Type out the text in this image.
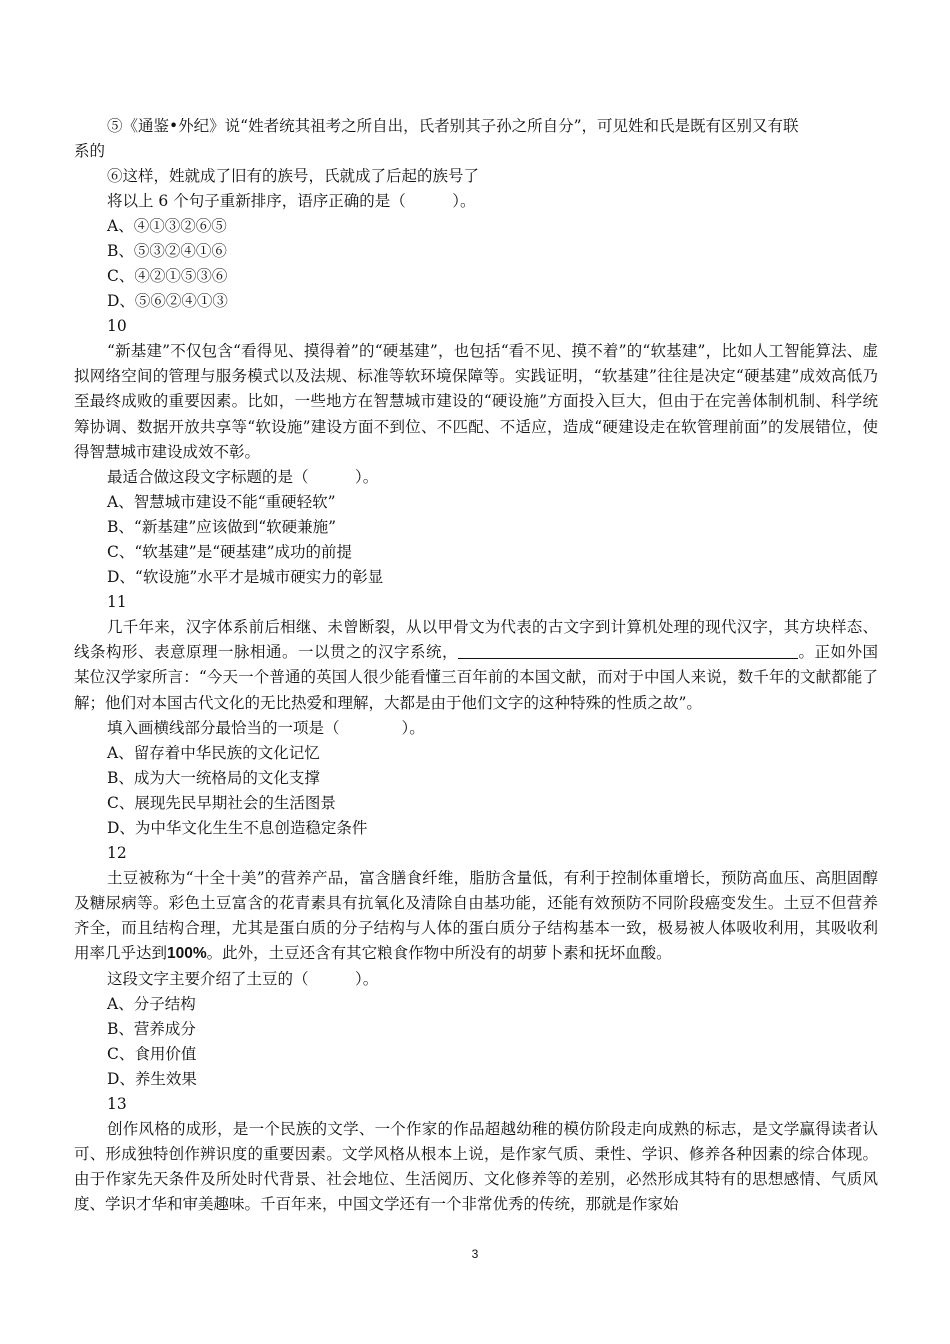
⑤《通鉴•外纪》说“姓者统其祖考之所自出，氏者别其子孙之所自分”，可见姓和氏是既有区别又有联
系的
⑥这样，姓就成了旧有的族号，氏就成了后起的族号了
将以上 6 个句子重新排序，语序正确的是（　　　）。
A、④①③②⑥⑤
B、⑤③②④①⑥
C、④②①⑤③⑥
D、⑤⑥②④①③
10

“新基建”不仅包含“看得见、摸得着”的“硬基建”，也包括“看不见、摸不着”的“软基建”，比如人工智能算法、虚拟网络空间的管理与服务模式以及法规、标准等软环境保障等。实践证明，“软基建”往往是决定“硬基建”成效高低乃至最终成败的重要因素。比如，一些地方在智慧城市建设的“硬设施”方面投入巨大，但由于在完善体制机制、科学统筹协调、数据开放共享等“软设施”建设方面不到位、不匹配、不适应，造成“硬建设走在软管理前面”的发展错位，使得智慧城市建设成效不彰。

最适合做这段文字标题的是（　　　）。
A、智慧城市建设不能“重硬轻软”
B、“新基建”应该做到“软硬兼施”
C、“软基建”是“硬基建”成功的前提
D、“软设施”水平才是城市硬实力的彰显
11

几千年来，汉字体系前后相继、未曾断裂，从以甲骨文为代表的古文字到计算机处理的现代汉字，其方块样态、线条构形、表意原理一脉相通。一以贯之的汉字系统，	。正如外国某位汉学家所言：“今天一个普通的英国人很少能看懂三百年前的本国文献，而对于中国人来说，数千年的文献都能了解；他们对本国古代文化的无比热爱和理解，大都是由于他们文字的这种特殊的性质之故”。

填入画横线部分最恰当的一项是（　　　　）。
A、留存着中华民族的文化记忆
B、成为大一统格局的文化支撑
C、展现先民早期社会的生活图景
D、为中华文化生生不息创造稳定条件
12

土豆被称为“十全十美”的营养产品，富含膳食纤维，脂肪含量低，有利于控制体重增长，预防高血压、高胆固醇及糖尿病等。彩色土豆富含的花青素具有抗氧化及清除自由基功能，还能有效预防不同阶段癌变发生。土豆不但营养齐全，而且结构合理，尤其是蛋白质的分子结构与人体的蛋白质分子结构基本一致，极易被人体吸收利用，其吸收利用率几乎达到100%。此外，土豆还含有其它粮食作物中所没有的胡萝卜素和抚坏血酸。

这段文字主要介绍了土豆的（　　　）。
A、分子结构
B、营养成分
C、食用价值
D、养生效果
13

创作风格的成形，是一个民族的文学、一个作家的作品超越幼稚的模仿阶段走向成熟的标志，是文学赢得读者认可、形成独特创作辨识度的重要因素。文学风格从根本上说，是作家气质、秉性、学识、修养各种因素的综合体现。由于作家先天条件及所处时代背景、社会地位、生活阅历、文化修养等的差别，必然形成其特有的思想感情、气质风度、学识才华和审美趣味。千百年来，中国文学还有一个非常优秀的传统，那就是作家始

3
